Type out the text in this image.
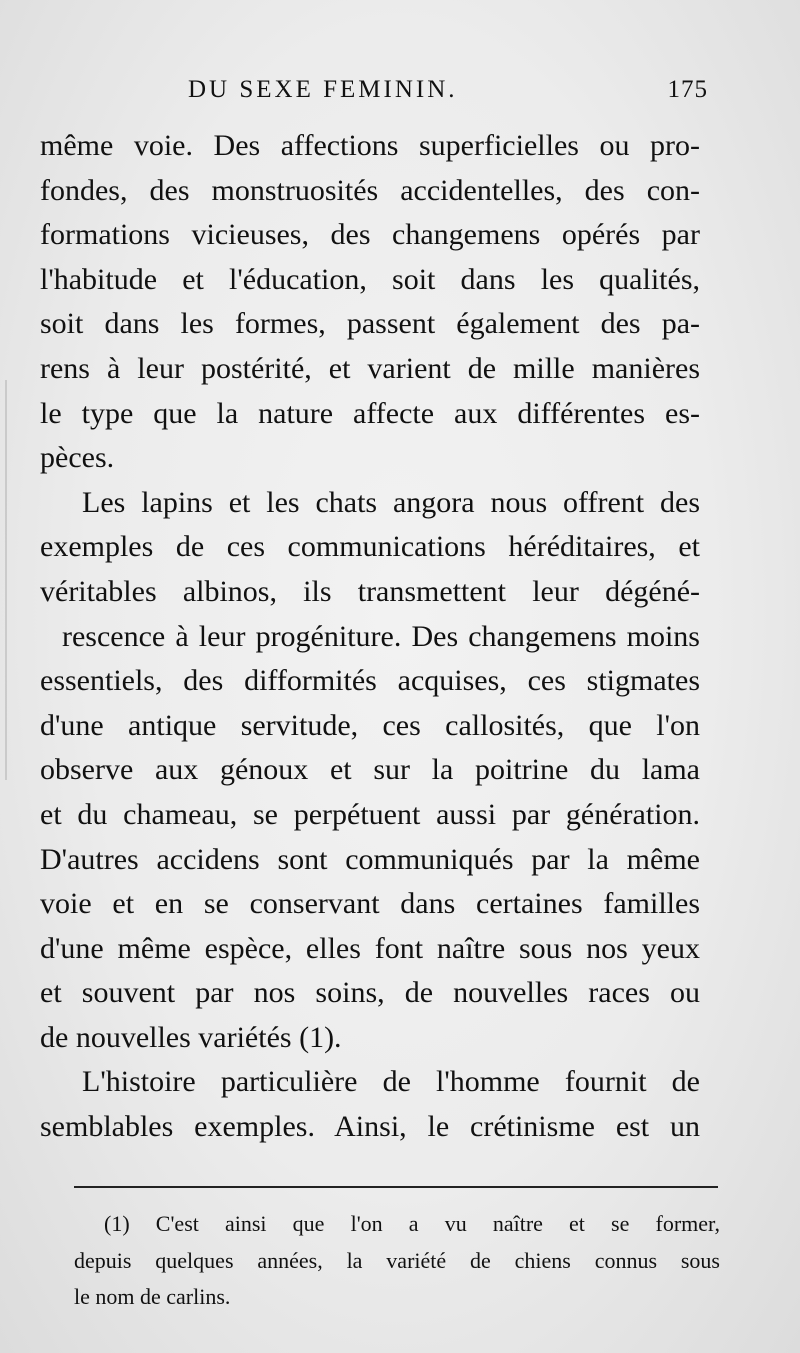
DU SEXE FEMININ.	175
même voie. Des affections superficielles ou pro-
fondes, des monstruosités accidentelles, des con-
formations vicieuses, des changemens opérés par
l'habitude et l'éducation, soit dans les qualités,
soit dans les formes, passent également des pa-
rens à leur postérité, et varient de mille manières
le type que la nature affecte aux différentes es-
pèces.
Les lapins et les chats angora nous offrent des
exemples de ces communications héréditaires, et
véritables albinos, ils transmettent leur dégéné-
rescence à leur progéniture. Des changemens moins
essentiels, des difformités acquises, ces stigmates
d'une antique servitude, ces callosités, que l'on
observe aux génoux et sur la poitrine du lama
et du chameau, se perpétuent aussi par génération.
D'autres accidens sont communiqués par la même
voie et en se conservant dans certaines familles
d'une même espèce, elles font naître sous nos yeux
et souvent par nos soins, de nouvelles races ou
de nouvelles variétés (1).
L'histoire particulière de l'homme fournit de
semblables exemples. Ainsi, le crétinisme est un
(1) C'est ainsi que l'on a vu naître et se former,
depuis quelques années, la variété de chiens connus sous
le nom de carlins.
